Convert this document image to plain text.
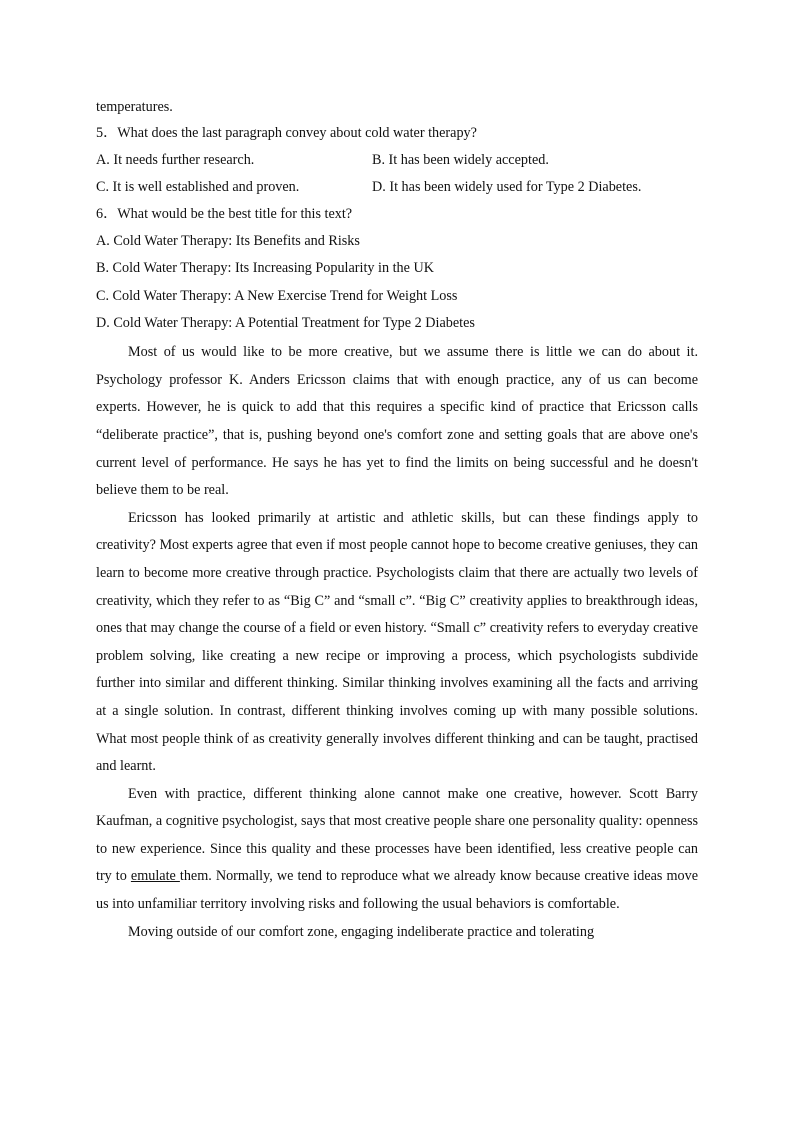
temperatures.

5．What does the last paragraph convey about cold water therapy?

A. It needs further research.	B. It has been widely accepted.
C. It is well established and proven.	D. It has been widely used for Type 2 Diabetes.

6．What would be the best title for this text?

A. Cold Water Therapy: Its Benefits and Risks

B. Cold Water Therapy: Its Increasing Popularity in the UK

C. Cold Water Therapy: A New Exercise Trend for Weight Loss

D. Cold Water Therapy: A Potential Treatment for Type 2 Diabetes

Most of us would like to be more creative, but we assume there is little we can do about it. Psychology professor K. Anders Ericsson claims that with enough practice, any of us can become experts. However, he is quick to add that this requires a specific kind of practice that Ericsson calls “deliberate practice”, that is, pushing beyond one's comfort zone and setting goals that are above one's current level of performance. He says he has yet to find the limits on being successful and he doesn't believe them to be real.

Ericsson has looked primarily at artistic and athletic skills, but can these findings apply to creativity? Most experts agree that even if most people cannot hope to become creative geniuses, they can learn to become more creative through practice. Psychologists claim that there are actually two levels of creativity, which they refer to as “Big C” and “small c”. “Big C” creativity applies to breakthrough ideas, ones that may change the course of a field or even history. “Small c” creativity refers to everyday creative problem solving, like creating a new recipe or improving a process, which psychologists subdivide further into similar and different thinking. Similar thinking involves examining all the facts and arriving at a single solution. In contrast, different thinking involves coming up with many possible solutions. What most people think of as creativity generally involves different thinking and can be taught, practised and learnt.

Even with practice, different thinking alone cannot make one creative, however. Scott Barry Kaufman, a cognitive psychologist, says that most creative people share one personality quality: openness to new experience. Since this quality and these processes have been identified, less creative people can try to emulate them. Normally, we tend to reproduce what we already know because creative ideas move us into unfamiliar territory involving risks and following the usual behaviors is comfortable.

Moving outside of our comfort zone, engaging indeliberate practice and tolerating
